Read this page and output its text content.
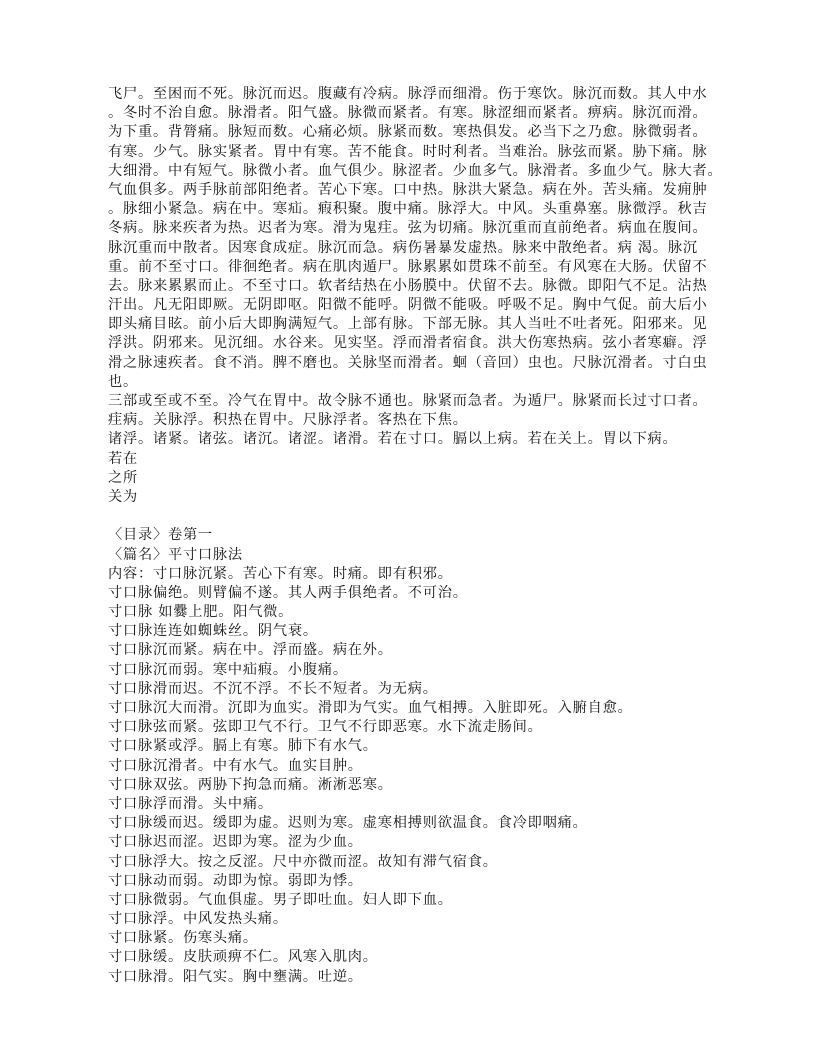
飞尸。至困而不死。脉沉而迟。腹藏有冷病。脉浮而细滑。伤于寒饮。脉沉而数。其人中水
。冬时不治自愈。脉滑者。阳气盛。脉微而紧者。有寒。脉涩细而紧者。痹病。脉沉而滑。
为下重。背膂痛。脉短而数。心痛必烦。脉紧而数。寒热俱发。必当下之乃愈。脉微弱者。
有寒。少气。脉实紧者。胃中有寒。苦不能食。时时利者。当难治。脉弦而紧。胁下痛。脉
大细滑。中有短气。脉微小者。血气俱少。脉涩者。少血多气。脉滑者。多血少气。脉大者。
气血俱多。两手脉前部阳绝者。苦心下寒。口中热。脉洪大紧急。病在外。苦头痛。发痈肿
。脉细小紧急。病在中。寒疝。瘕积聚。腹中痛。脉浮大。中风。头重鼻塞。脉微浮。秋吉
冬病。脉来疾者为热。迟者为寒。滑为鬼疰。弦为切痛。脉沉重而直前绝者。病血在腹间。
脉沉重而中散者。因寒食成症。脉沉而急。病伤暑暴发虚热。脉来中散绝者。病 渴。脉沉
重。前不至寸口。徘徊绝者。病在肌肉遁尸。脉累累如贯珠不前至。有风寒在大肠。伏留不
去。脉来累累而止。不至寸口。软者结热在小肠膜中。伏留不去。脉微。即阳气不足。沾热
汗出。凡无阳即厥。无阴即呕。阳微不能呼。阴微不能吸。呼吸不足。胸中气促。前大后小
即头痛目眩。前小后大即胸满短气。上部有脉。下部无脉。其人当吐不吐者死。阳邪来。见
浮洪。阴邪来。见沉细。水谷来。见实坚。浮而滑者宿食。洪大伤寒热病。弦小者寒癖。浮
滑之脉速疾者。食不消。脾不磨也。关脉坚而滑者。蛔（音回）虫也。尺脉沉滑者。寸白虫
也。
三部或至或不至。冷气在胃中。故令脉不通也。脉紧而急者。为遁尸。脉紧而长过寸口者。
疰病。关脉浮。积热在胃中。尺脉浮者。客热在下焦。
诸浮。诸紧。诸弦。诸沉。诸涩。诸滑。若在寸口。膈以上病。若在关上。胃以下病。
若在
之所
关为
〈目录〉卷第一
〈篇名〉平寸口脉法
内容：寸口脉沉紧。苦心下有寒。时痛。即有积邪。
寸口脉偏绝。则臂偏不遂。其人两手俱绝者。不可治。
寸口脉 如爨上肥。阳气微。
寸口脉连连如蜘蛛丝。阴气衰。
寸口脉沉而紧。病在中。浮而盛。病在外。
寸口脉沉而弱。寒中疝瘕。小腹痛。
寸口脉滑而迟。不沉不浮。不长不短者。为无病。
寸口脉沉大而滑。沉即为血实。滑即为气实。血气相搏。入脏即死。入腑自愈。
寸口脉弦而紧。弦即卫气不行。卫气不行即恶寒。水下流走肠间。
寸口脉紧或浮。膈上有寒。肺下有水气。
寸口脉沉滑者。中有水气。血实目肿。
寸口脉双弦。两胁下拘急而痛。淅淅恶寒。
寸口脉浮而滑。头中痛。
寸口脉缓而迟。缓即为虚。迟则为寒。虚寒相搏则欲温食。食冷即咽痛。
寸口脉迟而涩。迟即为寒。涩为少血。
寸口脉浮大。按之反涩。尺中亦微而涩。故知有滞气宿食。
寸口脉动而弱。动即为惊。弱即为悸。
寸口脉微弱。气血俱虚。男子即吐血。妇人即下血。
寸口脉浮。中风发热头痛。
寸口脉紧。伤寒头痛。
寸口脉缓。皮肤顽痹不仁。风寒入肌肉。
寸口脉滑。阳气实。胸中壅满。吐逆。
